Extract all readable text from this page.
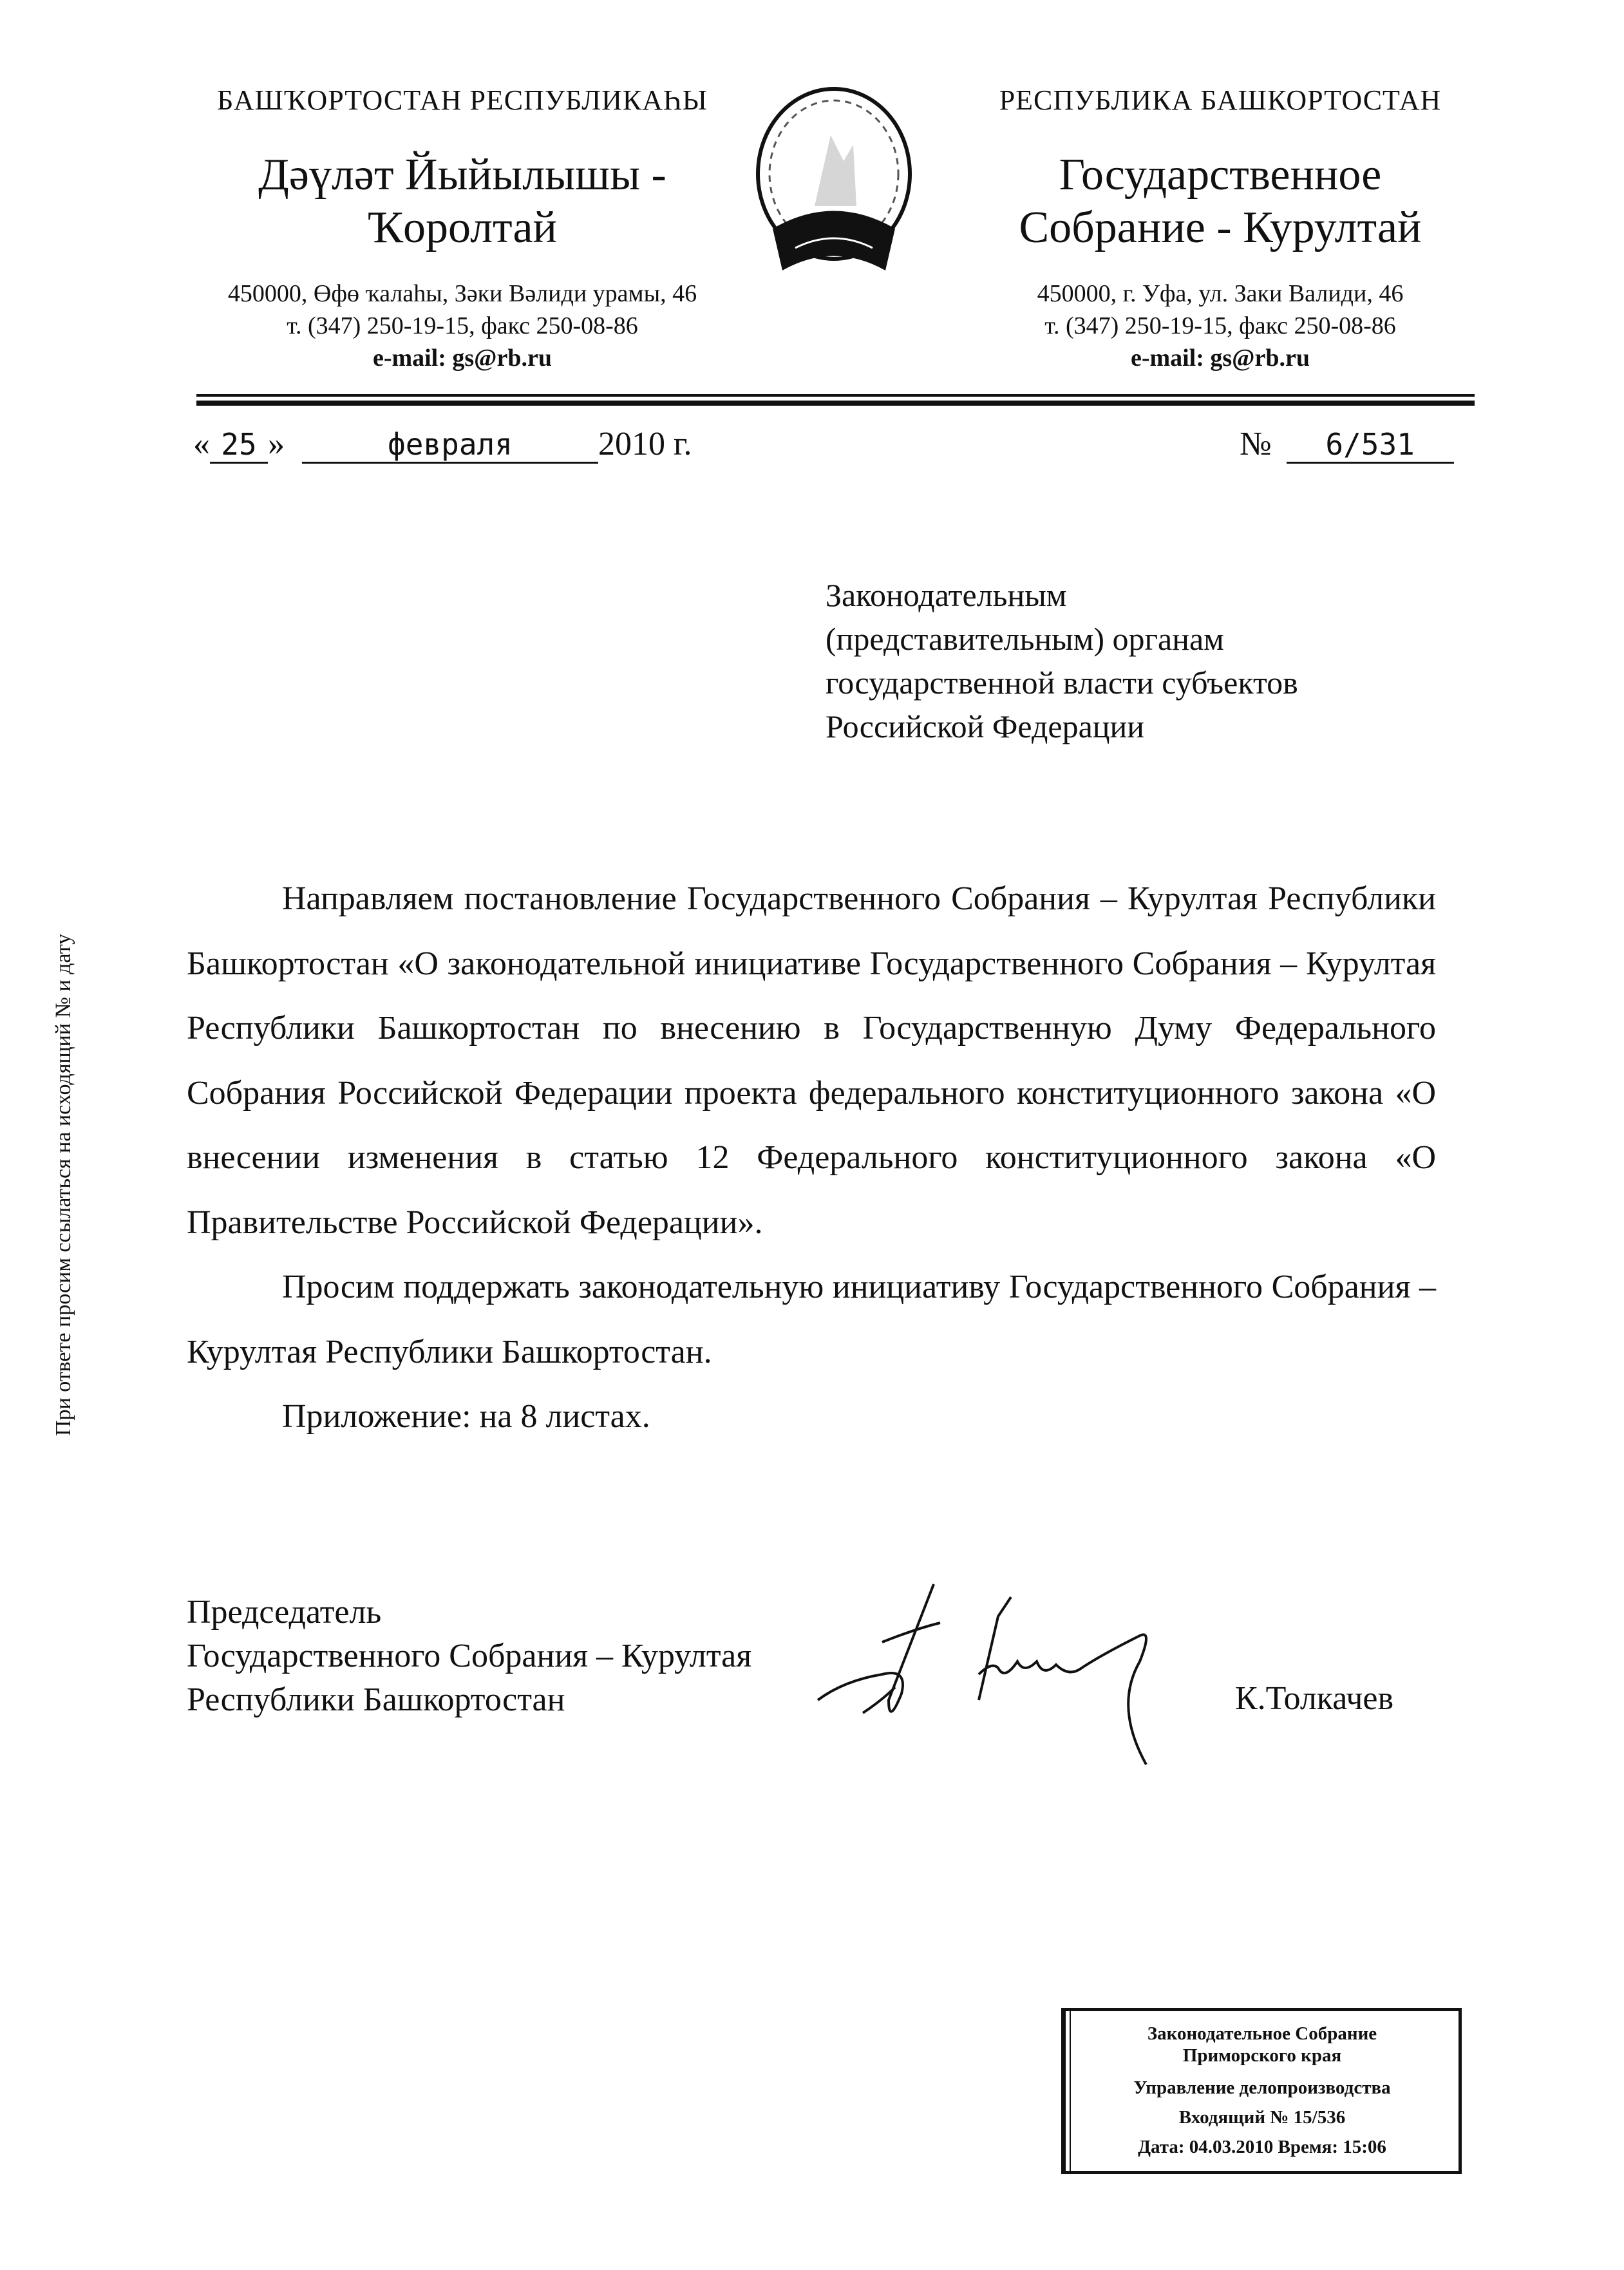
БАШҠОРТОСТАН РЕСПУБЛИКАҺЫ
Дәүләт Йыйылышы -
Ҡоролтай
450000, Өфө ҡалаһы, Зәки Вәлиди урамы, 46
т. (347) 250-19-15, факс 250-08-86
e-mail: gs@rb.ru
РЕСПУБЛИКА БАШКОРТОСТАН
Государственное
Собрание - Курултай
450000, г. Уфа, ул. Заки Валиди, 46
т. (347) 250-19-15, факс 250-08-86
e-mail: gs@rb.ru
« 25 »	февраля	2010 г.	№ 6/531
Законодательным
(представительным) органам
государственной власти субъектов
Российской Федерации

Направляем постановление Государственного Собрания – Курултая Республики Башкортостан «О законодательной инициативе Государственного Собрания – Курултая Республики Башкортостан по внесению в Государственную Думу Федерального Собрания Российской Федерации проекта федерального конституционного закона «О внесении изменения в статью 12 Федерального конституционного закона «О Правительстве Российской Федерации».

Просим поддержать законодательную инициативу Государственного Собрания – Курултая Республики Башкортостан.

Приложение: на 8 листах.

Председатель
Государственного Собрания – Курултая
Республики Башкортостан	К.Толкачев
При ответе просим ссылаться на исходящий № и дату
Законодательное Собрание
Приморского края
Управление делопроизводства
Входящий № 15/536
Дата: 04.03.2010 Время: 15:06
